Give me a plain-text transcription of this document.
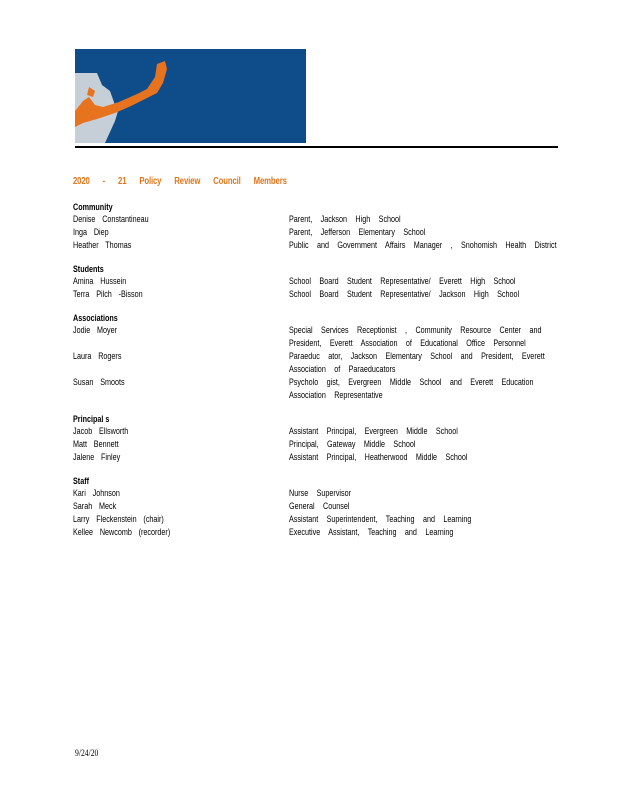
2020 - 21 Policy Review Council Members
Community
Denise Constantineau	Parent, Jackson High School
Inga Diep	Parent, Jefferson Elementary School
Heather Thomas	Public and Government Affairs Manager , Snohomish Health District
Students
Amina Hussein	School Board Student Representative/ Everett High School
Terra Pilch -Bisson	School Board Student Representative/ Jackson High School
Associations
Jodie Moyer	Special Services Receptionist , Community Resource Center and President, Everett Association of Educational Office Personnel
Laura Rogers	Paraeduc ator, Jackson Elementary School and President, Everett Association of Paraeducators
Susan Smoots	Psycholo gist, Evergreen Middle School and Everett Education Association Representative
Principal s
Jacob Ellsworth	Assistant Principal, Evergreen Middle School
Matt Bennett	Principal, Gateway Middle School
Jalene Finley	Assistant Principal, Heatherwood Middle School
Staff
Kari Johnson	Nurse Supervisor
Sarah Meck	General Counsel
Larry Fleckenstein (chair)	Assistant Superintendent, Teaching and Learning
Kellee Newcomb (recorder)	Executive Assistant, Teaching and Learning
9/24/20
